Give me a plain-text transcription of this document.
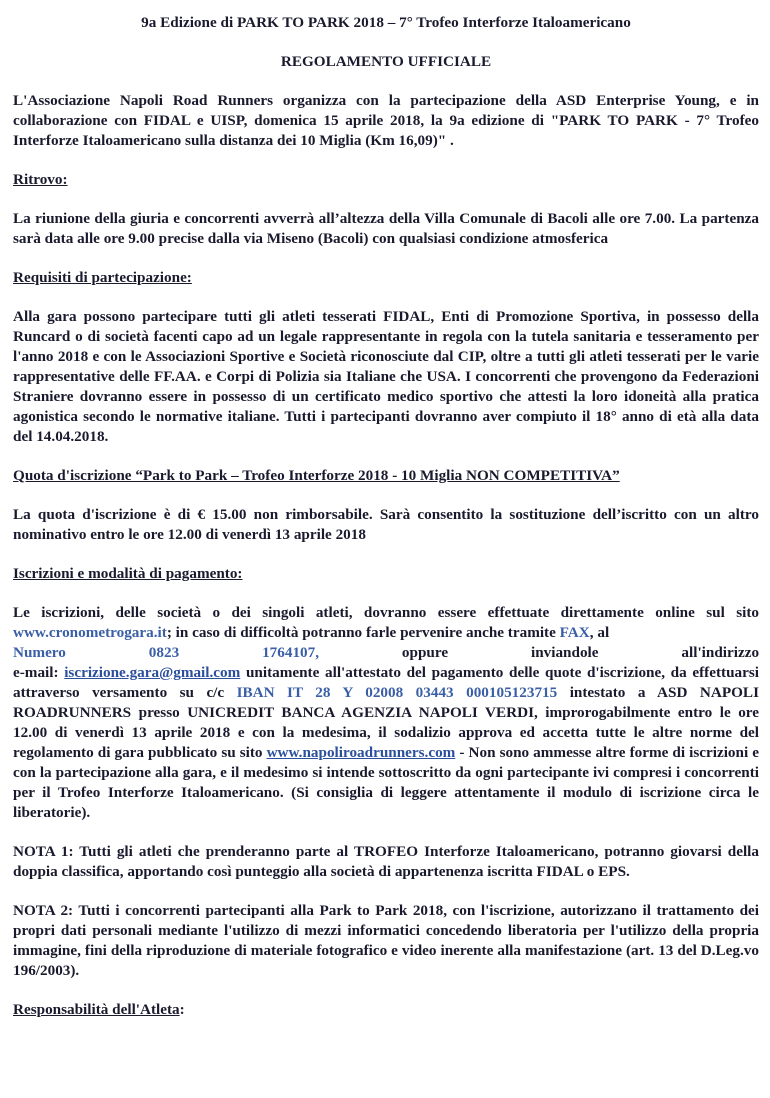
9a Edizione di PARK TO PARK 2018 – 7° Trofeo Interforze Italoamericano
REGOLAMENTO UFFICIALE

L'Associazione Napoli Road Runners organizza con la partecipazione della ASD Enterprise Young, e in collaborazione con FIDAL e UISP, domenica 15 aprile 2018, la 9a edizione di "PARK TO PARK - 7° Trofeo Interforze Italoamericano sulla distanza dei 10 Miglia (Km 16,09)" .

Ritrovo:

La riunione della giuria e concorrenti avverrà all’altezza della Villa Comunale di Bacoli alle ore 7.00. La partenza sarà data alle ore 9.00 precise dalla via Miseno (Bacoli) con qualsiasi condizione atmosferica

Requisiti di partecipazione:

Alla gara possono partecipare tutti gli atleti tesserati FIDAL, Enti di Promozione Sportiva, in possesso della Runcard o di società facenti capo ad un legale rappresentante in regola con la tutela sanitaria e tesseramento per l'anno 2018 e con le Associazioni Sportive e Società riconosciute dal CIP, oltre a tutti gli atleti tesserati per le varie rappresentative delle FF.AA. e Corpi di Polizia sia Italiane che USA. I concorrenti che provengono da Federazioni Straniere dovranno essere in possesso di un certificato medico sportivo che attesti la loro idoneità alla pratica agonistica secondo le normative italiane. Tutti i partecipanti dovranno aver compiuto il 18° anno di età alla data del 14.04.2018.

Quota d'iscrizione “Park to Park – Trofeo Interforze 2018 - 10 Miglia NON COMPETITIVA”

La quota d'iscrizione è di € 15.00 non rimborsabile. Sarà consentito la sostituzione dell’iscritto con un altro nominativo entro le ore 12.00 di venerdì 13 aprile 2018

Iscrizioni e modalità di pagamento:

Le iscrizioni, delle società o dei singoli atleti, dovranno essere effettuate direttamente online sul sito www.cronometrogara.it; in caso di difficoltà potranno farle pervenire anche tramite FAX, al

Numero	0823	1764107,	oppure	inviandole	all'indirizzo
e-mail: iscrizione.gara@gmail.com unitamente all'attestato del pagamento delle quote d'iscrizione, da effettuarsi attraverso versamento su c/c IBAN IT 28 Y 02008 03443 000105123715 intestato a ASD NAPOLI ROADRUNNERS presso UNICREDIT BANCA AGENZIA NAPOLI VERDI, improrogabilmente entro le ore 12.00 di venerdì 13 aprile 2018 e con la medesima, il sodalizio approva ed accetta tutte le altre norme del regolamento di gara pubblicato su sito www.napoliroadrunners.com - Non sono ammesse altre forme di iscrizioni e con la partecipazione alla gara, e il medesimo si intende sottoscritto da ogni partecipante ivi compresi i concorrenti per il Trofeo Interforze Italoamericano. (Si consiglia di leggere attentamente il modulo di iscrizione circa le liberatorie).

NOTA 1: Tutti gli atleti che prenderanno parte al TROFEO Interforze Italoamericano, potranno giovarsi della doppia classifica, apportando così punteggio alla società di appartenenza iscritta FIDAL o EPS.

NOTA 2: Tutti i concorrenti partecipanti alla Park to Park 2018, con l'iscrizione, autorizzano il trattamento dei propri dati personali mediante l'utilizzo di mezzi informatici concedendo liberatoria per l'utilizzo della propria immagine, fini della riproduzione di materiale fotografico e video inerente alla manifestazione (art. 13 del D.Leg.vo 196/2003).

Responsabilità dell'Atleta:
